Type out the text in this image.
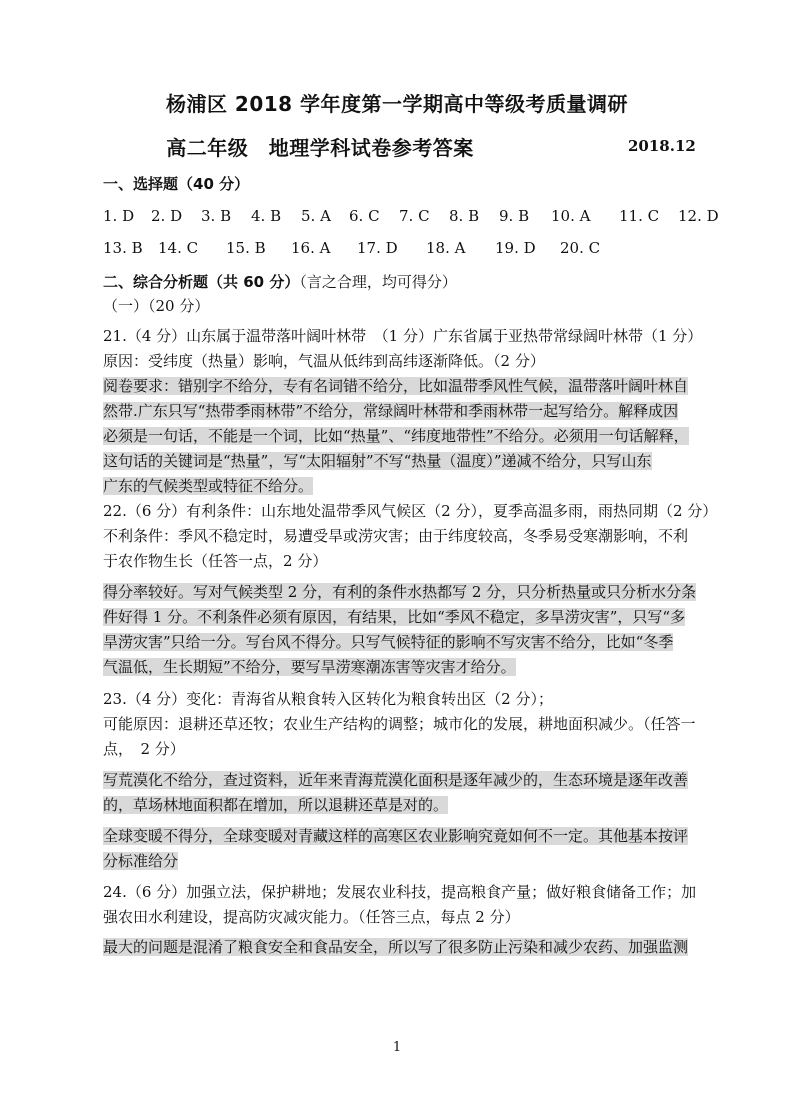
杨浦区 2018 学年度第一学期高中等级考质量调研
高二年级　地理学科试卷参考答案	2018.12
一、选择题（40 分）
1. D 2. D 3. B 4. B 5. A 6. C 7. C 8. B 9. B 10. A 11. C 12. D
13. B 14. C 15. B 16. A 17. D 18. A 19. D 20. C
二、综合分析题（共 60 分）（言之合理，均可得分）
（一）（20 分）
21.（4 分）山东属于温带落叶阔叶林带　（1 分）广东省属于亚热带常绿阔叶林带（1 分）
原因：受纬度（热量）影响，气温从低纬到高纬逐渐降低。（2 分）
阅卷要求：错别字不给分，专有名词错不给分，比如温带季风性气候，温带落叶阔叶林自
然带.广东只写“热带季雨林带”不给分，常绿阔叶林带和季雨林带一起写给分。解释成因
必须是一句话，不能是一个词，比如“热量”、“纬度地带性”不给分。必须用一句话解释，
这句话的关键词是“热量”，写“太阳辐射”不写“热量（温度）”递减不给分，只写山东
广东的气候类型或特征不给分。
22.（6 分）有利条件：山东地处温带季风气候区（2 分），夏季高温多雨，雨热同期（2 分）
不利条件：季风不稳定时，易遭受旱或涝灾害；由于纬度较高，冬季易受寒潮影响，不利
于农作物生长（任答一点，2 分）
得分率较好。写对气候类型 2 分，有利的条件水热都写 2 分，只分析热量或只分析水分条
件好得 1 分。不利条件必须有原因，有结果，比如“季风不稳定，多旱涝灾害”，只写“多
旱涝灾害”只给一分。写台风不得分。只写气候特征的影响不写灾害不给分，比如“冬季
气温低，生长期短”不给分，要写旱涝寒潮冻害等灾害才给分。
23.（4 分）变化：青海省从粮食转入区转化为粮食转出区（2 分）；
可能原因：退耕还草还牧；农业生产结构的调整；城市化的发展，耕地面积减少。（任答一
点，　2 分）
写荒漠化不给分，查过资料，近年来青海荒漠化面积是逐年减少的，生态环境是逐年改善
的，草场林地面积都在增加，所以退耕还草是对的。
全球变暖不得分，全球变暖对青藏这样的高寒区农业影响究竟如何不一定。其他基本按评
分标准给分
24.（6 分）加强立法，保护耕地；发展农业科技，提高粮食产量；做好粮食储备工作；加
强农田水利建设，提高防灾减灾能力。（任答三点，每点 2 分）
最大的问题是混淆了粮食安全和食品安全，所以写了很多防止污染和减少农药、加强监测
1
